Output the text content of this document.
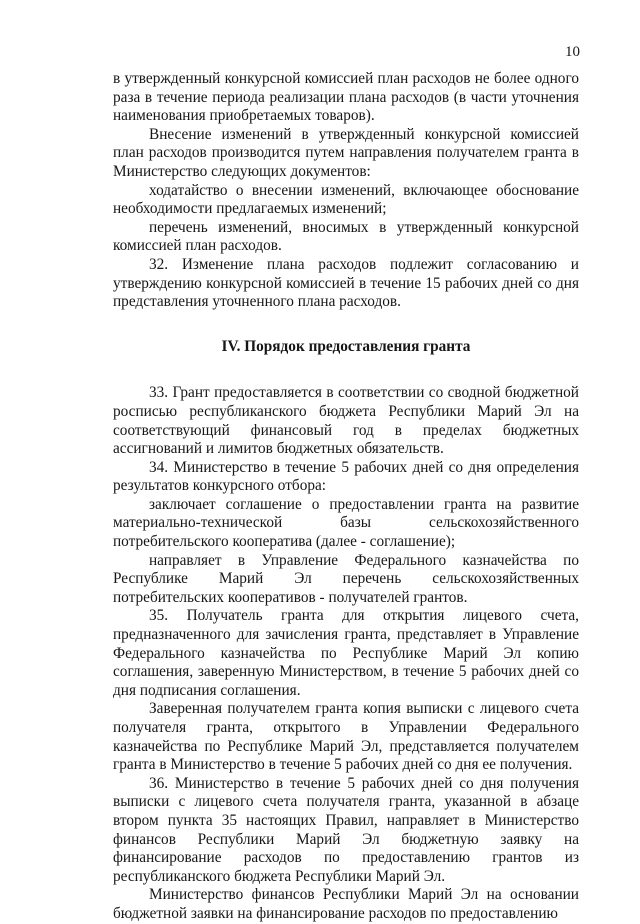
10

в утвержденный конкурсной комиссией план расходов не более одного раза в течение периода реализации плана расходов (в части уточнения наименования приобретаемых товаров).

Внесение изменений в утвержденный конкурсной комиссией план расходов производится путем направления получателем гранта в Министерство следующих документов:

ходатайство о внесении изменений, включающее обоснование необходимости предлагаемых изменений;

перечень изменений, вносимых в утвержденный конкурсной комиссией план расходов.

32. Изменение плана расходов подлежит согласованию и утверждению конкурсной комиссией в течение 15 рабочих дней со дня представления уточненного плана расходов.

IV. Порядок предоставления гранта

33. Грант предоставляется в соответствии со сводной бюджетной росписью республиканского бюджета Республики Марий Эл на соответствующий финансовый год в пределах бюджетных ассигнований и лимитов бюджетных обязательств.

34. Министерство в течение 5 рабочих дней со дня определения результатов конкурсного отбора:

заключает соглашение о предоставлении гранта на развитие материально-технической базы сельскохозяйственного потребительского кооператива (далее - соглашение);

направляет в Управление Федерального казначейства по Республике Марий Эл перечень сельскохозяйственных потребительских кооперативов - получателей грантов.

35. Получатель гранта для открытия лицевого счета, предназначенного для зачисления гранта, представляет в Управление Федерального казначейства по Республике Марий Эл копию соглашения, заверенную Министерством, в течение 5 рабочих дней со дня подписания соглашения.

Заверенная получателем гранта копия выписки с лицевого счета получателя гранта, открытого в Управлении Федерального казначейства по Республике Марий Эл, представляется получателем гранта в Министерство в течение 5 рабочих дней со дня ее получения.

36. Министерство в течение 5 рабочих дней со дня получения выписки с лицевого счета получателя гранта, указанной в абзаце втором пункта 35 настоящих Правил, направляет в Министерство финансов Республики Марий Эл бюджетную заявку на финансирование расходов по предоставлению грантов из республиканского бюджета Республики Марий Эл.

Министерство финансов Республики Марий Эл на основании бюджетной заявки на финансирование расходов по предоставлению
